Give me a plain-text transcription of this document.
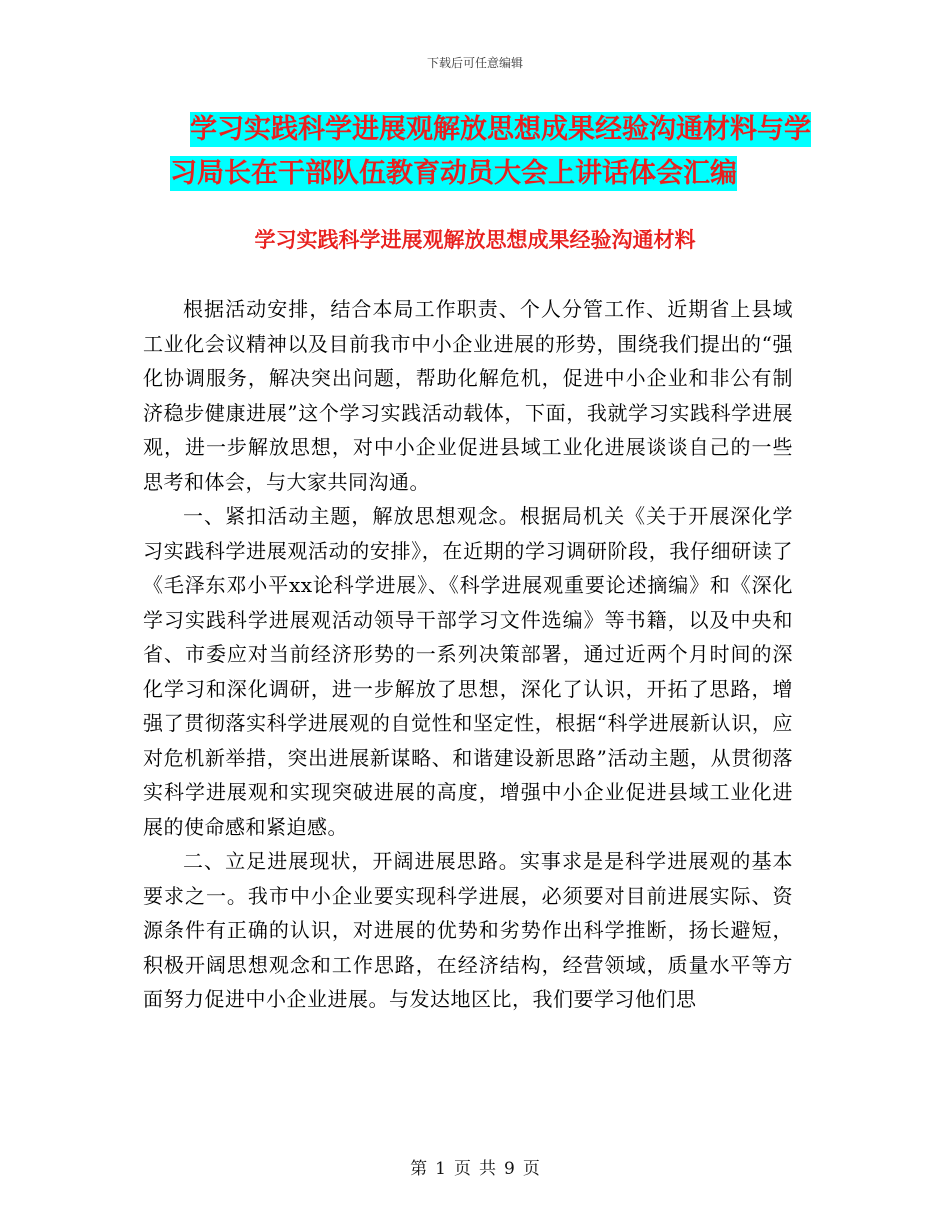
下载后可任意编辑
学习实践科学进展观解放思想成果经验沟通材料与学
习局长在干部队伍教育动员大会上讲话体会汇编
学习实践科学进展观解放思想成果经验沟通材料

根据活动安排，结合本局工作职责、个人分管工作、近期省上县域工业化会议精神以及目前我市中小企业进展的形势，围绕我们提出的“强化协调服务，解决突出问题，帮助化解危机，促进中小企业和非公有制济稳步健康进展”这个学习实践活动载体，下面，我就学习实践科学进展观，进一步解放思想，对中小企业促进县域工业化进展谈谈自己的一些思考和体会，与大家共同沟通。

一、紧扣活动主题，解放思想观念。根据局机关《关于开展深化学习实践科学进展观活动的安排》，在近期的学习调研阶段，我仔细研读了《毛泽东邓小平xx论科学进展》、《科学进展观重要论述摘编》和《深化学习实践科学进展观活动领导干部学习文件选编》等书籍，以及中央和省、市委应对当前经济形势的一系列决策部署，通过近两个月时间的深化学习和深化调研，进一步解放了思想，深化了认识，开拓了思路，增强了贯彻落实科学进展观的自觉性和坚定性，根据“科学进展新认识，应对危机新举措，突出进展新谋略、和谐建设新思路”活动主题，从贯彻落实科学进展观和实现突破进展的高度，增强中小企业促进县域工业化进展的使命感和紧迫感。

二、立足进展现状，开阔进展思路。实事求是是科学进展观的基本要求之一。我市中小企业要实现科学进展，必须要对目前进展实际、资源条件有正确的认识，对进展的优势和劣势作出科学推断，扬长避短，积极开阔思想观念和工作思路，在经济结构，经营领域，质量水平等方面努力促进中小企业进展。与发达地区比，我们要学习他们思

第 1 页 共 9 页
